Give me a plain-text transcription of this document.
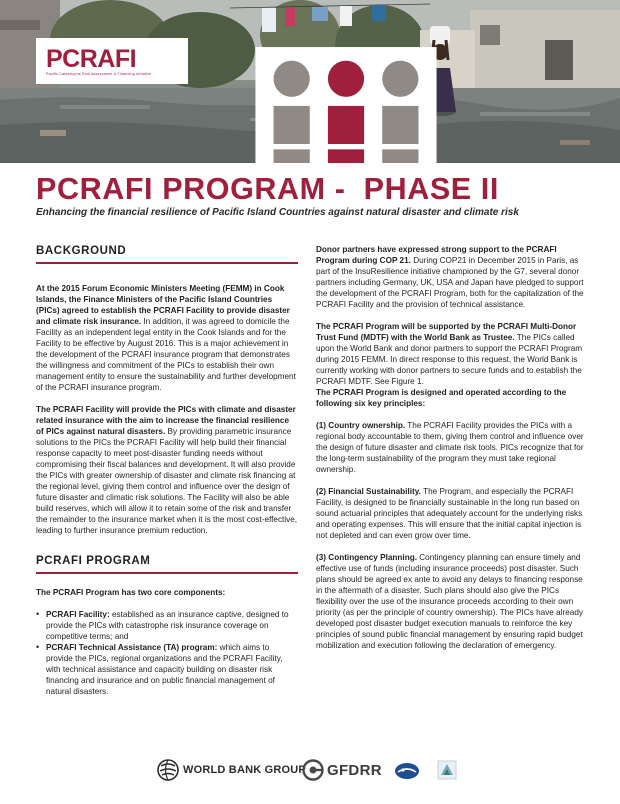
PCRAFI
Pacific Catastrophe Risk Assessment & Financing Initiative
PCRAFI PROGRAM -  PHASE II
Enhancing the financial resilience of Pacific Island Countries against natural disaster and climate risk
BACKGROUND

At the 2015 Forum Economic Ministers Meeting (FEMM) in Cook Islands, the Finance Ministers of the Pacific Island Countries (PICs) agreed to establish the PCRAFI Facility to provide disaster and climate risk insurance. In addition, it was agreed to domicile the Facility as an independent legal entity in the Cook Islands and for the Facility to be effective by August 2016. This is a major achievement in the development of the PCRAFI insurance program that demonstrates the willingness and commitment of the PICs to establish their own management entity to ensure the sustainability and further development of the PCRAFI insurance program.

The PCRAFI Facility will provide the PICs with climate and disaster related insurance with the aim to increase the financial resilience of PICs against natural disasters. By providing parametric insurance solutions to the PICs the PCRAFI Facility will help build their financial response capacity to meet post-disaster funding needs without compromising their fiscal balances and development. It will also provide the PICs with greater ownership of disaster and climate risk financing at the regional level, giving them control and influence over the design of future disaster and climatic risk solutions. The Facility will also be able build reserves, which will allow it to retain some of the risk and transfer the remainder to the insurance market when it is the most cost-effective, leading to further insurance premium reduction.

PCRAFI PROGRAM

The PCRAFI Program has two core components:

• PCRAFI Facility: established as an insurance captive, designed to provide the PICs with catastrophe risk insurance coverage on competitive terms; and
• PCRAFI Technical Assistance (TA) program: which aims to provide the PICs, regional organizations and the PCRAFI Facility, with technical assistance and capacity building on disaster risk financing and insurance and on public financial management of natural disasters.

Donor partners have expressed strong support to the PCRAFI Program during COP 21. During COP21 in December 2015 in Paris, as part of the InsuResilience initiative championed by the G7, several donor partners including Germany, UK, USA and Japan have pledged to support the development of the PCRAFI Program, both for the capitalization of the PCRAFI Facility and the provision of technical assistance.

The PCRAFI Program will be supported by the PCRAFI Multi-Donor Trust Fund (MDTF) with the World Bank as Trustee. The PICs called upon the World Bank and donor partners to support the PCRAFI Program during 2015 FEMM. In direct response to this request, the World Bank is currently working with donor partners to secure funds and to establish the PCRAFI MDTF. See Figure 1.

The PCRAFI Program is designed and operated according to the following six key principles:

(1) Country ownership. The PCRAFI Facility provides the PICs with a regional body accountable to them, giving them control and influence over the design of future disaster and climate risk tools. PICs recognize that for the long-term sustainability of the program they must take regional ownership.

(2) Financial Sustainability. The Program, and especially the PCRAFI Facility, is designed to be financially sustainable in the long run based on sound actuarial principles that adequately account for the underlying risks and operating expenses. This will ensure that the initial capital injection is not depleted and can even grow over time.

(3) Contingency Planning. Contingency planning can ensure timely and effective use of funds (including insurance proceeds) post disaster. Such plans should be agreed ex ante to avoid any delays to financing response in the aftermath of a disaster. Such plans should also give the PICs flexibility over the use of the insurance proceeds according to their own priority (as per the principle of country ownership). The PICs have already developed post disaster budget execution manuals to reinforce the key principles of sound public financial management by ensuring rapid budget mobilization and execution following the declaration of emergency.

WORLD BANK GROUP GFDRR
